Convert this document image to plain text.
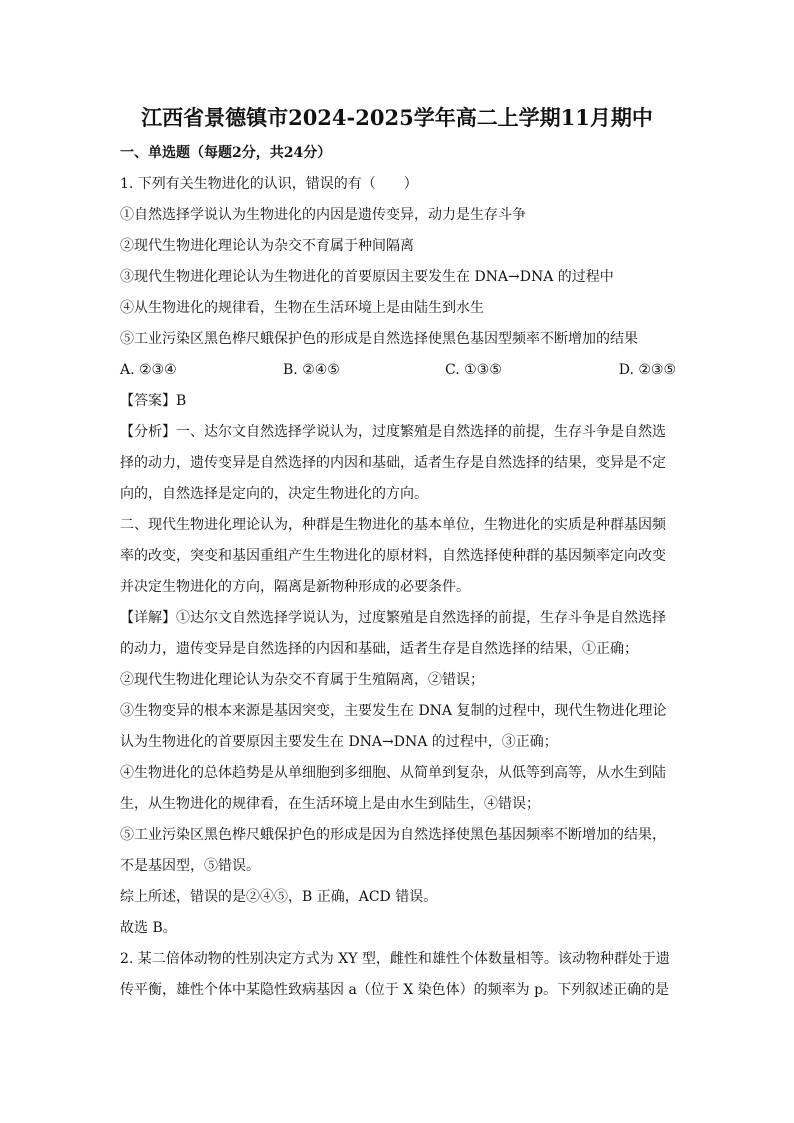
江西省景德镇市2024-2025学年高二上学期11月期中
一、单选题（每题2分，共24分）
1. 下列有关生物进化的认识，错误的有（　　）
①自然选择学说认为生物进化的内因是遗传变异，动力是生存斗争
②现代生物进化理论认为杂交不育属于种间隔离
③现代生物进化理论认为生物进化的首要原因主要发生在 DNA→DNA 的过程中
④从生物进化的规律看，生物在生活环境上是由陆生到水生
⑤工业污染区黑色桦尺蛾保护色的形成是自然选择使黑色基因型频率不断增加的结果
A. ②③④	B. ②④⑤	C. ①③⑤	D. ②③⑤
【答案】B
【分析】一、达尔文自然选择学说认为，过度繁殖是自然选择的前提，生存斗争是自然选
择的动力，遗传变异是自然选择的内因和基础，适者生存是自然选择的结果，变异是不定
向的，自然选择是定向的，决定生物进化的方向。
二、现代生物进化理论认为，种群是生物进化的基本单位，生物进化的实质是种群基因频
率的改变，突变和基因重组产生生物进化的原材料，自然选择使种群的基因频率定向改变
并决定生物进化的方向，隔离是新物种形成的必要条件。
【详解】①达尔文自然选择学说认为，过度繁殖是自然选择的前提，生存斗争是自然选择
的动力，遗传变异是自然选择的内因和基础，适者生存是自然选择的结果，①正确；
②现代生物进化理论认为杂交不育属于生殖隔离，②错误；
③生物变异的根本来源是基因突变，主要发生在 DNA 复制的过程中，现代生物进化理论
认为生物进化的首要原因主要发生在 DNA→DNA 的过程中，③正确；
④生物进化的总体趋势是从单细胞到多细胞、从简单到复杂，从低等到高等，从水生到陆
生，从生物进化的规律看，在生活环境上是由水生到陆生，④错误；
⑤工业污染区黑色桦尺蛾保护色的形成是因为自然选择使黑色基因频率不断增加的结果，
不是基因型，⑤错误。
综上所述，错误的是②④⑤，B 正确，ACD 错误。
故选 B。
2. 某二倍体动物的性别决定方式为 XY 型，雌性和雄性个体数量相等。该动物种群处于遗
传平衡，雄性个体中某隐性致病基因 a（位于 X 染色体）的频率为 p。下列叙述正确的是
